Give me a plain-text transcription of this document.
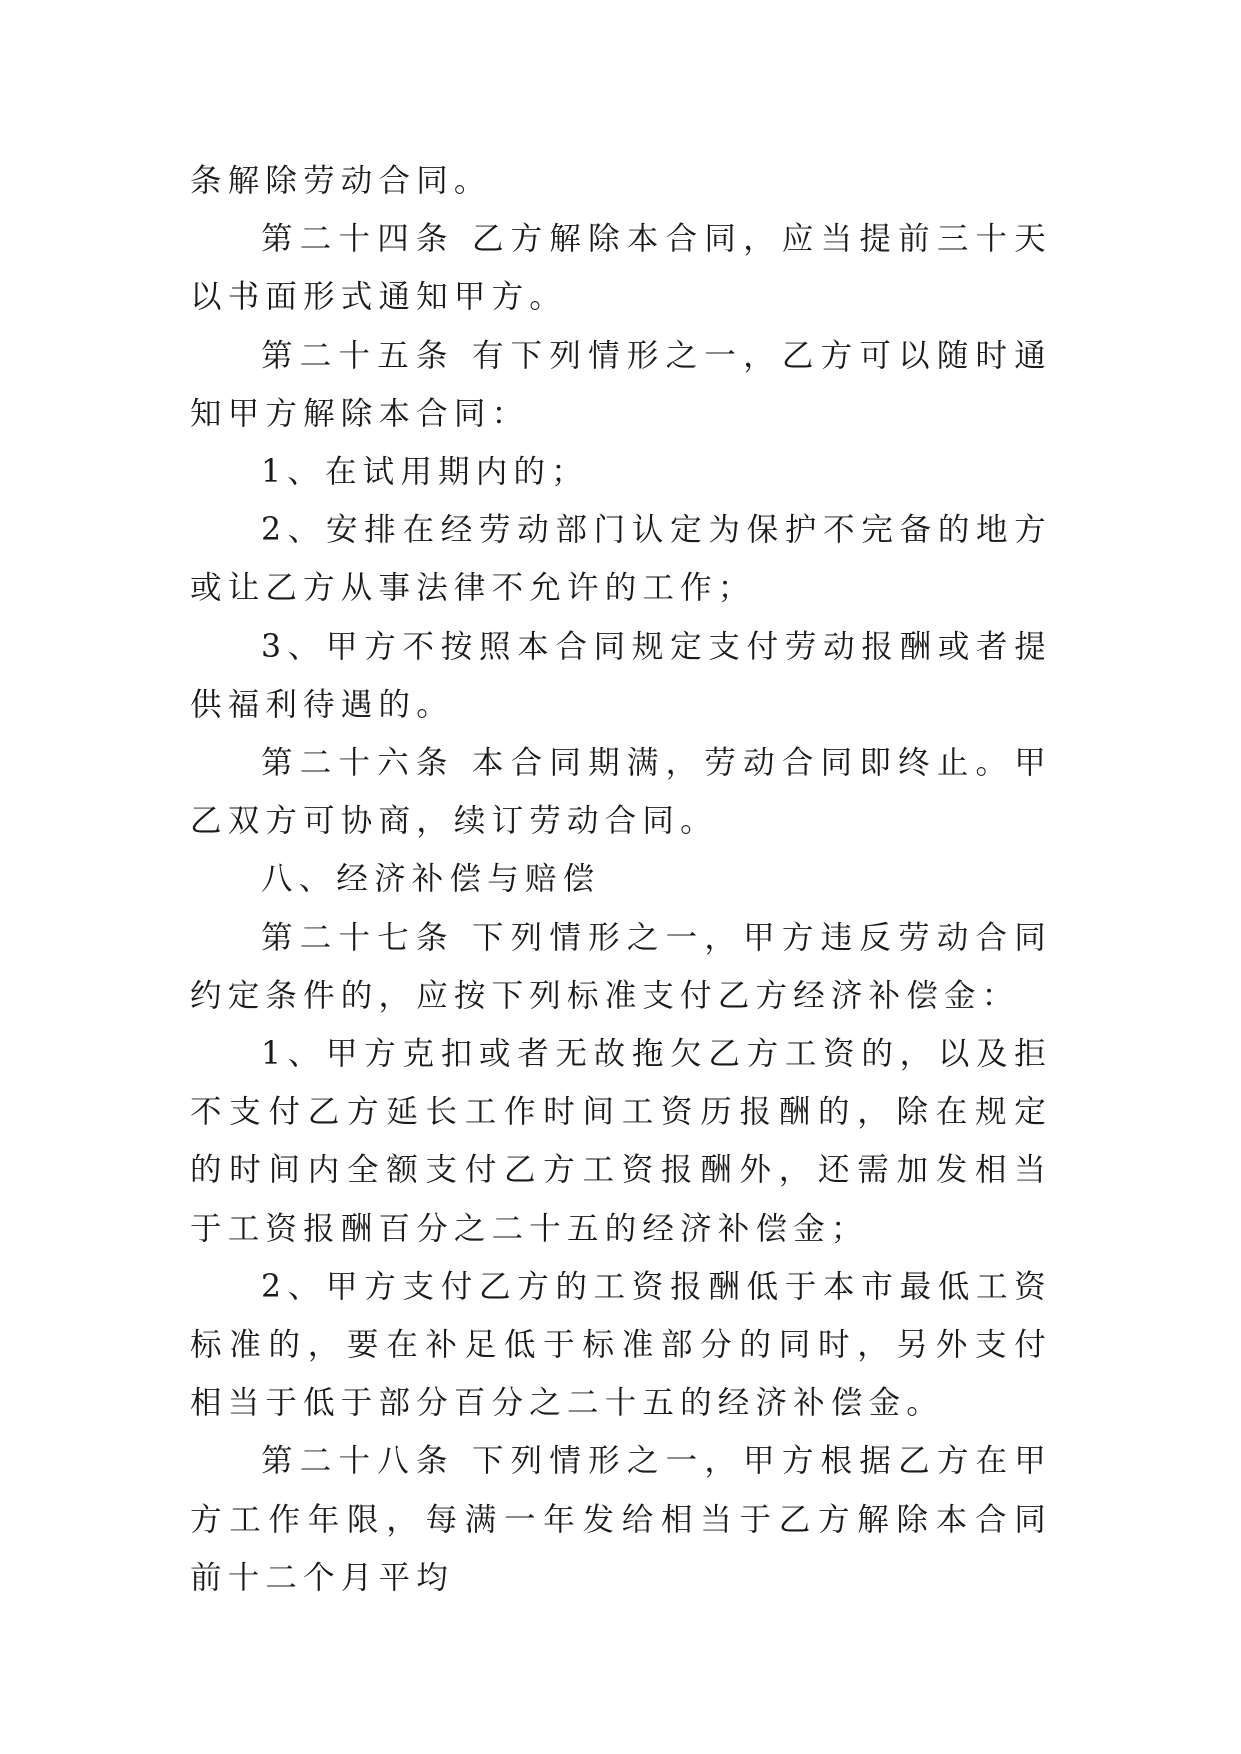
条解除劳动合同。

第二十四条 乙方解除本合同，应当提前三十天以书面形式通知甲方。

第二十五条 有下列情形之一，乙方可以随时通知甲方解除本合同：

1、在试用期内的；

2、安排在经劳动部门认定为保护不完备的地方或让乙方从事法律不允许的工作；

3、甲方不按照本合同规定支付劳动报酬或者提供福利待遇的。

第二十六条 本合同期满，劳动合同即终止。甲乙双方可协商，续订劳动合同。

八、经济补偿与赔偿

第二十七条 下列情形之一，甲方违反劳动合同约定条件的，应按下列标准支付乙方经济补偿金：

1、甲方克扣或者无故拖欠乙方工资的，以及拒不支付乙方延长工作时间工资历报酬的，除在规定的时间内全额支付乙方工资报酬外，还需加发相当于工资报酬百分之二十五的经济补偿金；

2、甲方支付乙方的工资报酬低于本市最低工资标准的，要在补足低于标准部分的同时，另外支付相当于低于部分百分之二十五的经济补偿金。

第二十八条 下列情形之一，甲方根据乙方在甲方工作年限，每满一年发给相当于乙方解除本合同前十二个月平均
